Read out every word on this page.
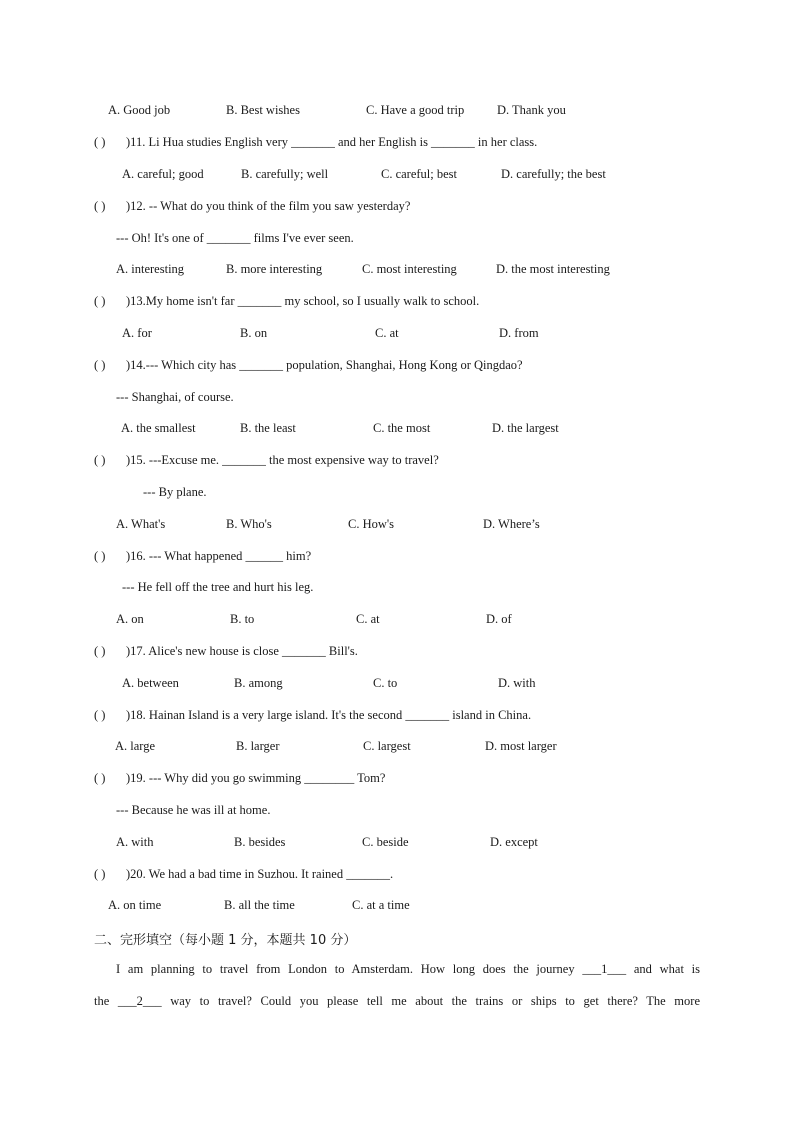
A. Good job	B. Best wishes	C. Have a good trip	D. Thank you
( ) )11. Li Hua studies English very _______ and her English is _______ in her class.
A. careful; good	B. carefully; well	C. careful; best	D. carefully; the best
( ) )12. -- What do you think of the film you saw yesterday?
--- Oh! It's one of _______ films I've ever seen.
A. interesting	B. more interesting	C. most interesting	D. the most interesting
( ) )13.My home isn't far _______ my school, so I usually walk to school.
A. for	B. on	C. at	D. from
( ) )14.--- Which city has _______ population, Shanghai, Hong Kong or Qingdao?
--- Shanghai, of course.
A. the smallest	B. the least	C. the most	D. the largest
( ) )15. ---Excuse me. _______ the most expensive way to travel?
--- By plane.
A. What's	B. Who's	C. How's	D. Where’s
( ) )16. --- What happened ______ him?
--- He fell off the tree and hurt his leg.
A. on	B. to	C. at	D. of
( ) )17. Alice's new house is close _______ Bill's.
A. between	B. among	C. to	D. with
( ) )18. Hainan Island is a very large island. It's the second _______ island in China.
A. large	B. larger	C. largest	D. most larger
( ) )19. --- Why did you go swimming ________ Tom?
--- Because he was ill at home.
A. with	B. besides	C. beside	D. except
( ) )20. We had a bad time in Suzhou. It rained _______.
A. on time	B. all the time	C. at a time
二、完形填空（每小题 1 分，本题共 10 分）
I am planning to travel from London to Amsterdam. How long does the journey ___1___ and what is
the ___2___ way to travel? Could you please tell me about the trains or ships to get there? The more
